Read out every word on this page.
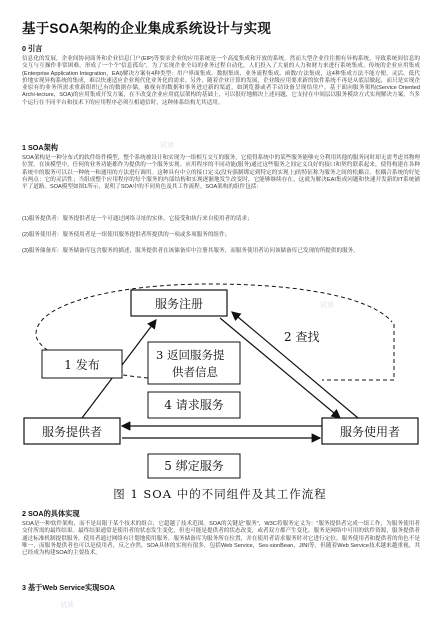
基于SOA架构的企业集成系统设计与实现
0 引言
信息化的发展，企业间协同商务和企业信息门户(EIP)等要求企业的应用系统是一个高度集成和开放的系统。然而大型企业往往拥有异构系统，导致系统间信息的交互与互操作非常困难，形成了一个个“信息孤岛”，为了实现企业全局的业务过程自动化，人们投入了大量的人力和财力来进行系统集成。传统的企业应用集成(Enterprise Application Integration，EAI)解决方案有4种类型：用户界面集成、数据集成、业务流程集成、函数/方法集成，这4种集成方法不能方便、灵活、低代价地实现异构系统的集成，难以快速适应企业现代化业务化的需求。另外，随着企业计算的发展，企业级应用要求新的软件系统不再是从底层做起，而只是实现企业原有的业务所需求重新组织已有的数据存储，被视有的数据和事务进过新的渠道，如浏览器或者手动设备呈现给用户。基于面向服务架构(Service Oriented Archi-tecture，SOA)的应用集成开发方案，在不改变企业应用底层架构的基础上，可以很好地解决上述问题，它支持在中间层以服务模块方式实现解决方案，当多个运行在不同平台和技术下的应用程序必须互相通信时，这种体系结构尤其适用。
1 SOA架构
SOA架构是一种分布式的软件组件模型，整个系统被设计和实现为一组相互交互的服务，它使得系统中的某些服务能够充分利用其他的服务同时却无需考虑其物理位置。在该模型中，任何的业务功能都作为提供的一个服务实现。应用程序的不同功能(服务)通过这些服务之间定义良好的接口和契约联系起来，使得构建在各种系统中的服务可以以一种统一和通用的方法进行调用。这种具有中立的接口定义(没有强制绑定到特定的实现上)的特征称为服务之间的松耦合。松耦合系统的好处有两点：它的灵活性；当组成整个应用程序的每个服务的内部结构和实现逐渐地发生改变时，它能够继续存在。这就为解决EAI集成问题和快速开发新的IT系统铺平了道路。SOA模型如图1所示，说明了SOA中的不同角色及其工作流程。SOA架构的组件包括：
(1)服务提供者：服务提供者是一个可通过网络寻址的实体，它接受和执行来自使用者的请求；
(2)服务使用者：服务使用者是一组使用服务提供者所提供的一项或多项服务的组件；
(3)服务储备库：服务储备库包含服务的描述，服务提供者在该储备库中注册其服务，而服务使用者访问该储备库已发现的所提供的服务。
服务注册
服务提供者	服务使用者
1 发布
2 查找
3 返回服务提
供者信息
4 请求服务
5 绑定服务
图 1 SOA 中的不同组件及其工作流程
2 SOA的具体实现
SOA是一种软件架构，而不是局限于某个技术的组合，它超越了技术范围。SOA的关键是“服务”，W3C将服务定义为：“服务提供者完成一组工作，为服务使用者交付所需的最终结果。最终结果通常是使用者的状态发生变化，但也可能是提供者的状态改变，或者双方都产生变化。服务是网络中可用的软件资源，服务提供者通过标准机制提供服务，使用者通过网络有计划地使用服务。服务储备库为服务所在位置，并在使用者请求服务时对它进行定位。服务使用者和提供者的角色不是唯一，而服务提供者也可以是使用者，反之亦然。SOA具体的实现有很多，包括Web Service，Ses-sionBean，JINI等，但随着Web Service技术越来越重视，其已经成为构建SOA的主要技术。
3 基于Web Service实现SOA
试读
试读
试读
